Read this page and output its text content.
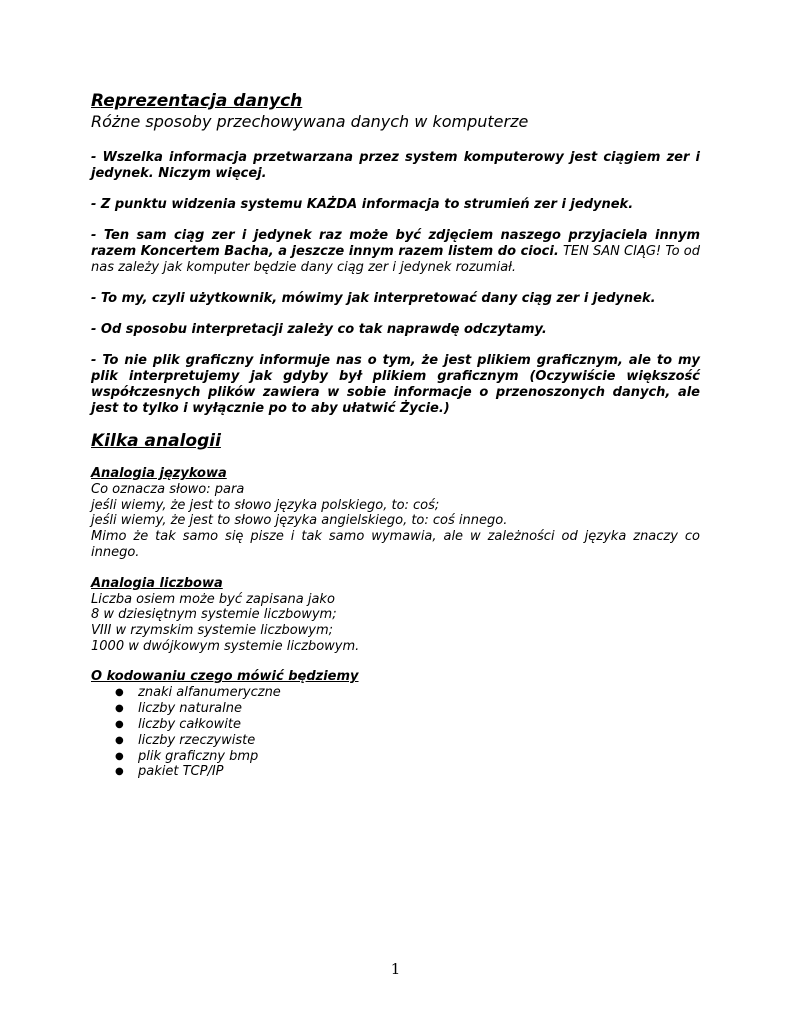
Reprezentacja danych

Różne sposoby przechowywana danych w komputerze

- Wszelka informacja przetwarzana przez system komputerowy jest ciągiem zer i jedynek. Niczym więcej.

- Z punktu widzenia systemu KAŻDA informacja to strumień zer i jedynek.

- Ten sam ciąg zer i jedynek raz może być zdjęciem naszego przyjaciela innym razem Koncertem Bacha, a jeszcze innym razem listem do cioci. TEN SAN CIĄG! To od nas zależy jak komputer będzie dany ciąg zer i jedynek rozumiał.

- To my, czyli użytkownik, mówimy jak interpretować dany ciąg zer i jedynek.

- Od sposobu interpretacji zależy co tak naprawdę odczytamy.

- To nie plik graficzny informuje nas o tym, że jest plikiem graficznym, ale to my plik interpretujemy jak gdyby był plikiem graficznym (Oczywiście większość współczesnych plików zawiera w sobie informacje o przenoszonych danych, ale jest to tylko i wyłącznie po to aby ułatwić Życie.)

Kilka analogii

Analogia językowa

Co oznacza słowo: para

jeśli wiemy, że jest to słowo języka polskiego, to: coś;

jeśli wiemy, że jest to słowo języka angielskiego, to: coś innego.

Mimo że tak samo się pisze i tak samo wymawia, ale w zależności od języka znaczy co innego.

Analogia liczbowa

Liczba osiem może być zapisana jako

8 w dziesiętnym systemie liczbowym;

VIII w rzymskim systemie liczbowym;

1000 w dwójkowym systemie liczbowym.

O kodowaniu czego mówić będziemy

● znaki alfanumeryczne
● liczby naturalne
● liczby całkowite
● liczby rzeczywiste
● plik graficzny bmp
● pakiet TCP/IP
1
